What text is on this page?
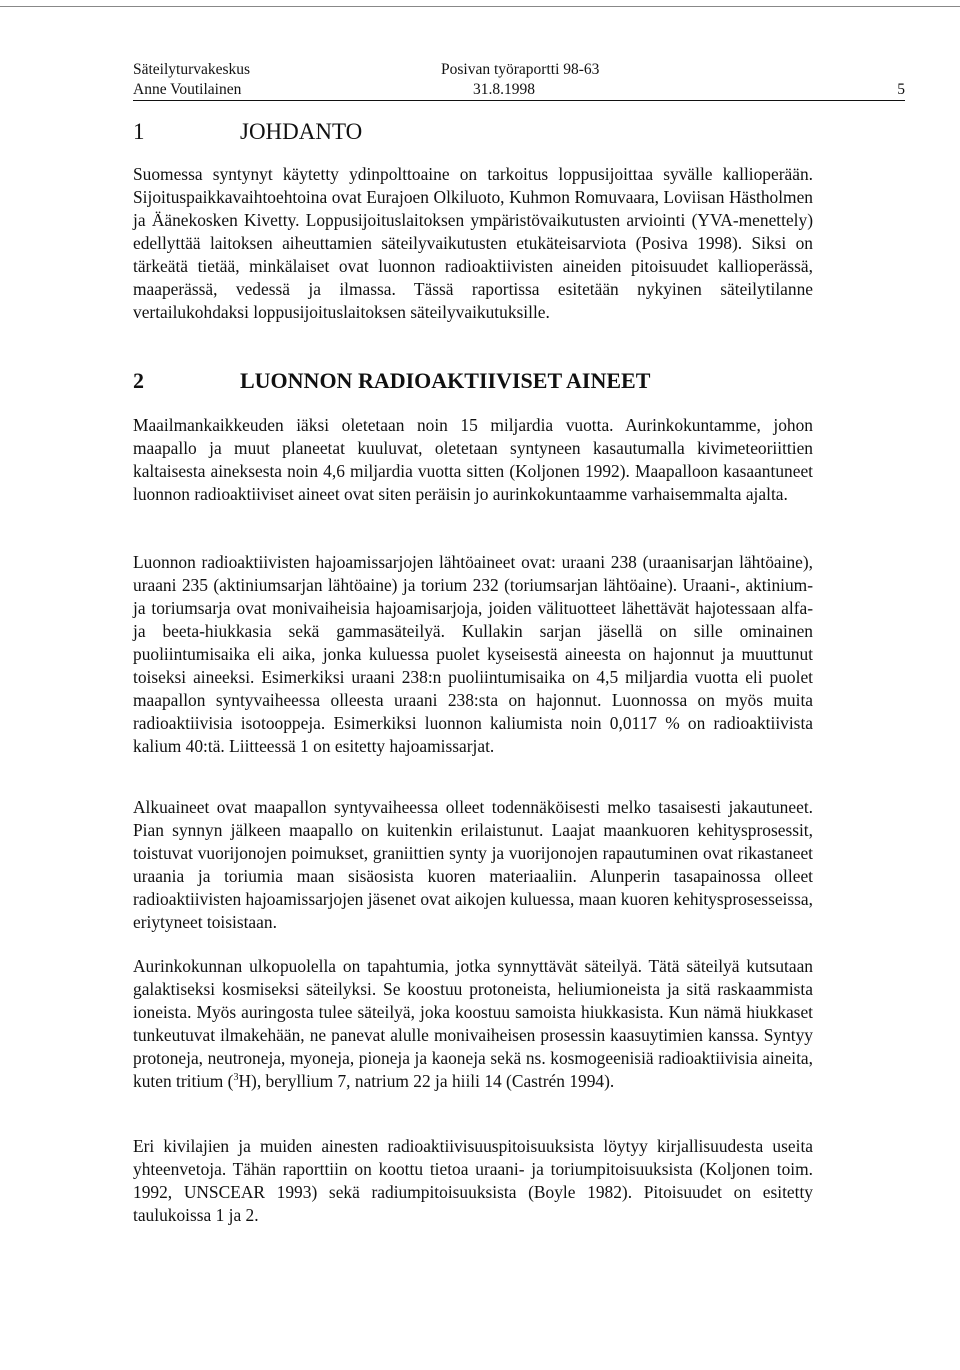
Säteilyturvakeskus	Posivan työraportti 98-63
Anne Voutilainen	31.8.1998	5
1	JOHDANTO

Suomessa syntynyt käytetty ydinpolttoaine on tarkoitus loppusijoittaa syvälle kallioperään. Sijoituspaikkavaihtoehtoina ovat Eurajoen Olkiluoto, Kuhmon Romuvaara, Loviisan Hästholmen ja Äänekosken Kivetty. Loppusijoituslaitoksen ympäristövaikutusten arviointi (YVA-menettely) edellyttää laitoksen aiheuttamien säteilyvaikutusten etukäteisarviota (Posiva 1998). Siksi on tärkeätä tietää, minkälaiset ovat luonnon radioaktiivisten aineiden pitoisuudet kallioperässä, maaperässä, vedessä ja ilmassa. Tässä raportissa esitetään nykyinen säteilytilanne vertailukohdaksi loppusijoituslaitoksen säteilyvaikutuksille.

2	LUONNON RADIOAKTIIVISET AINEET

Maailmankaikkeuden iäksi oletetaan noin 15 miljardia vuotta. Aurinkokuntamme, johon maapallo ja muut planeetat kuuluvat, oletetaan syntyneen kasautumalla kivimeteoriittien kaltaisesta aineksesta noin 4,6 miljardia vuotta sitten (Koljonen 1992). Maapalloon kasaantuneet luonnon radioaktiiviset aineet ovat siten peräisin jo aurinkokuntaamme varhaisemmalta ajalta.

Luonnon radioaktiivisten hajoamissarjojen lähtöaineet ovat: uraani 238 (uraanisarjan lähtöaine), uraani 235 (aktiniumsarjan lähtöaine) ja torium 232 (toriumsarjan lähtöaine). Uraani-, aktinium- ja toriumsarja ovat monivaiheisia hajoamisarjoja, joiden välituotteet lähettävät hajotessaan alfa- ja beeta-hiukkasia sekä gammasäteilyä. Kullakin sarjan jäsellä on sille ominainen puoliintumisaika eli aika, jonka kuluessa puolet kyseisestä aineesta on hajonnut ja muuttunut toiseksi aineeksi. Esimerkiksi uraani 238:n puoliintumisaika on 4,5 miljardia vuotta eli puolet maapallon syntyvaiheessa olleesta uraani 238:sta on hajonnut. Luonnossa on myös muita radioaktiivisia isotooppeja. Esimerkiksi luonnon kaliumista noin 0,0117 % on radioaktiivista kalium 40:tä. Liitteessä 1 on esitetty hajoamissarjat.

Alkuaineet ovat maapallon syntyvaiheessa olleet todennäköisesti melko tasaisesti jakautuneet. Pian synnyn jälkeen maapallo on kuitenkin erilaistunut. Laajat maankuoren kehitysprosessit, toistuvat vuorijonojen poimukset, graniittien synty ja vuorijonojen rapautuminen ovat rikastaneet uraania ja toriumia maan sisäosista kuoren materiaaliin. Alunperin tasapainossa olleet radioaktiivisten hajoamissarjojen jäsenet ovat aikojen kuluessa, maan kuoren kehitysprosesseissa, eriytyneet toisistaan.

Aurinkokunnan ulkopuolella on tapahtumia, jotka synnyttävät säteilyä. Tätä säteilyä kutsutaan galaktiseksi kosmiseksi säteilyksi. Se koostuu protoneista, heliumioneista ja sitä raskaammista ioneista. Myös auringosta tulee säteilyä, joka koostuu samoista hiukkasista. Kun nämä hiukkaset tunkeutuvat ilmakehään, ne panevat alulle monivaiheisen prosessin kaasuytimien kanssa. Syntyy protoneja, neutroneja, myoneja, pioneja ja kaoneja sekä ns. kosmogeenisiä radioaktiivisia aineita, kuten tritium ($^3$H), beryllium 7, natrium 22 ja hiili 14 (Castrén 1994).

Eri kivilajien ja muiden ainesten radioaktiivisuuspitoisuuksista löytyy kirjallisuudesta useita yhteenvetoja. Tähän raporttiin on koottu tietoa uraani- ja toriumpitoisuuksista (Koljonen toim. 1992, UNSCEAR 1993) sekä radiumpitoisuuksista (Boyle 1982). Pitoisuudet on esitetty taulukoissa 1 ja 2.
